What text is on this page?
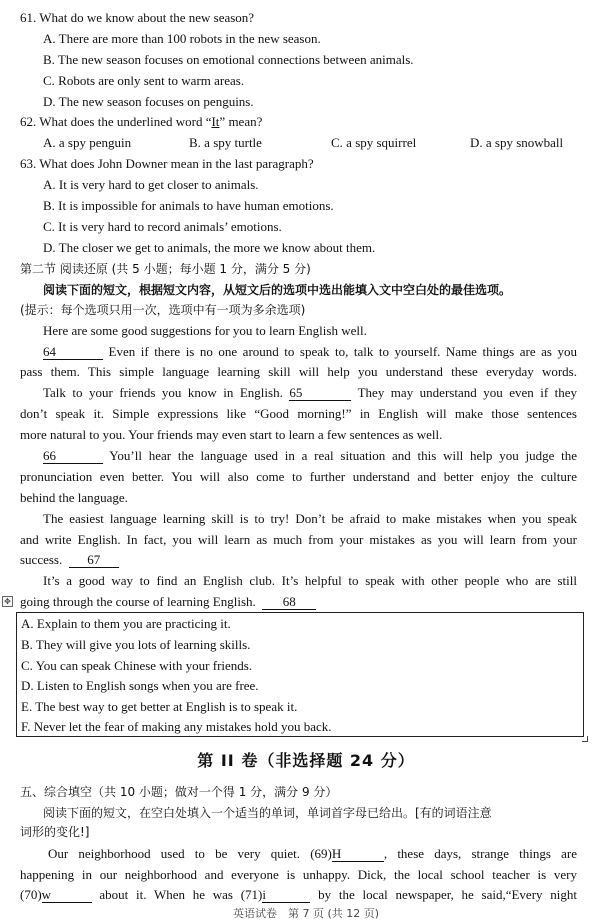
61. What do we know about the new season?
A. There are more than 100 robots in the new season.
B. The new season focuses on emotional connections between animals.
C. Robots are only sent to warm areas.
D. The new season focuses on penguins.
62. What does the underlined word “It” mean?
A. a spy penguin	B. a spy turtle	C. a spy squirrel	D. a spy snowball
63. What does John Downer mean in the last paragraph?
A. It is very hard to get closer to animals.
B. It is impossible for animals to have human emotions.
C. It is very hard to record animals’ emotions.
D. The closer we get to animals, the more we know about them.
第二节 阅读还原 (共 5 小题；每小题 1 分，满分 5 分)
阅读下面的短文，根据短文内容，从短文后的选项中选出能填入文中空白处的最佳选项。
(提示：每个选项只用一次，选项中有一项为多余选项)
Here are some good suggestions for you to learn English well.
64	Even if there is no one around to speak to, talk to yourself. Name things are as you
pass them. This simple language learning skill will help you understand these everyday words.
Talk to your friends you know in English. 65	They may understand you even if they
don’t speak it. Simple expressions like “Good morning!” in English will make those sentences
more natural to you. Your friends may even start to learn a few sentences as well.
66	You’ll hear the language used in a real situation and this will help you judge the
pronunciation even better. You will also come to further understand and better enjoy the culture
behind the language.
The easiest language learning skill is to try! Don’t be afraid to make mistakes when you speak
and write English. In fact, you will learn as much from your mistakes as you will learn from your
success. 67
It’s a good way to find an English club. It’s helpful to speak with other people who are still
going through the course of learning English. 68
✥
A. Explain to them you are practicing it.
B. They will give you lots of learning skills.
C. You can speak Chinese with your friends.
D. Listen to English songs when you are free.
E. The best way to get better at English is to speak it.
F. Never let the fear of making any mistakes hold you back.
第 II 卷（非选择题 24 分）
五、综合填空（共 10 小题；做对一个得 1 分，满分 9 分）
阅读下面的短文，在空白处填入一个适当的单词，单词首字母已给出。[有的词语注意
词形的变化!]
Our neighborhood used to be very quiet. (69)H	, these days, strange things are
happening in our neighborhood and everyone is unhappy. Dick, the local school teacher is very
(70)w	about it. When he was (71)i	by the local newspaper, he said,“Every night
英语试卷　第 7 页 (共 12 页)
